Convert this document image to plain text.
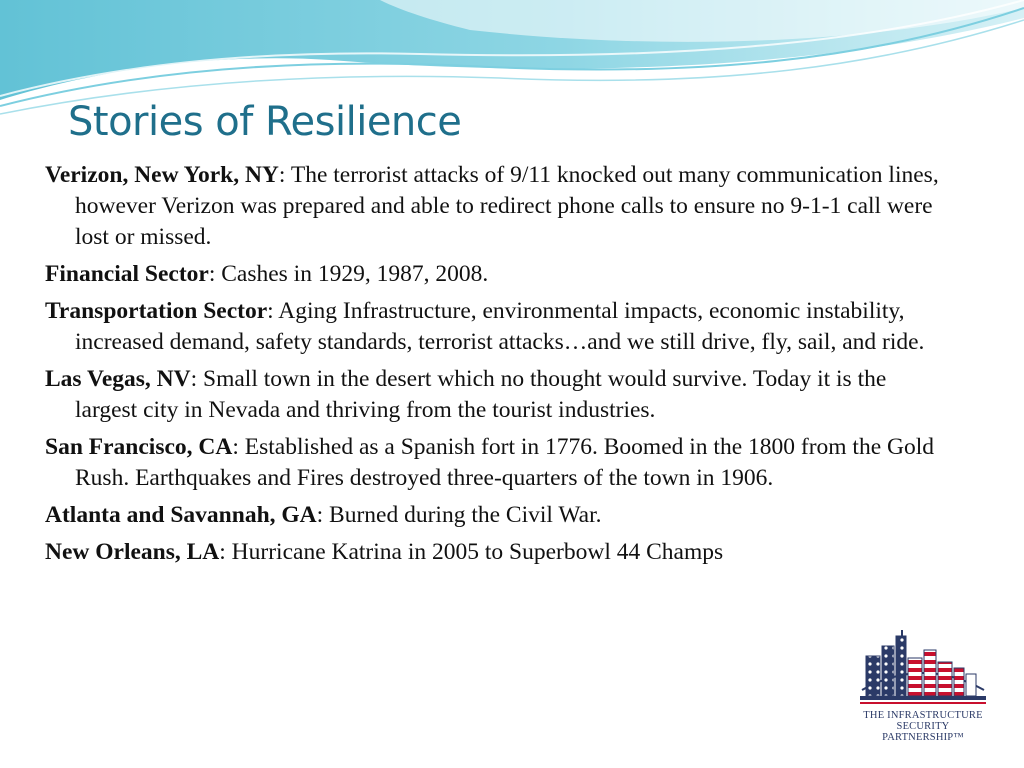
Stories of Resilience
Verizon, New York, NY: The terrorist attacks of 9/11 knocked out many communication lines, however Verizon was prepared and able to redirect phone calls to ensure no 9-1-1 call were lost or missed.
Financial Sector: Cashes in 1929, 1987, 2008.
Transportation Sector: Aging Infrastructure, environmental impacts, economic instability, increased demand, safety standards, terrorist attacks…and we still drive, fly, sail, and ride.
Las Vegas, NV: Small town in the desert which no thought would survive. Today it is the largest city in Nevada and thriving from the tourist industries.
San Francisco, CA: Established as a Spanish fort in 1776. Boomed in the 1800 from the Gold Rush. Earthquakes and Fires destroyed three-quarters of the town in 1906.
Atlanta and Savannah, GA: Burned during the Civil War.
New Orleans, LA: Hurricane Katrina in 2005 to Superbowl 44 Champs
THE INFRASTRUCTURE
SECURITY PARTNERSHIP™
